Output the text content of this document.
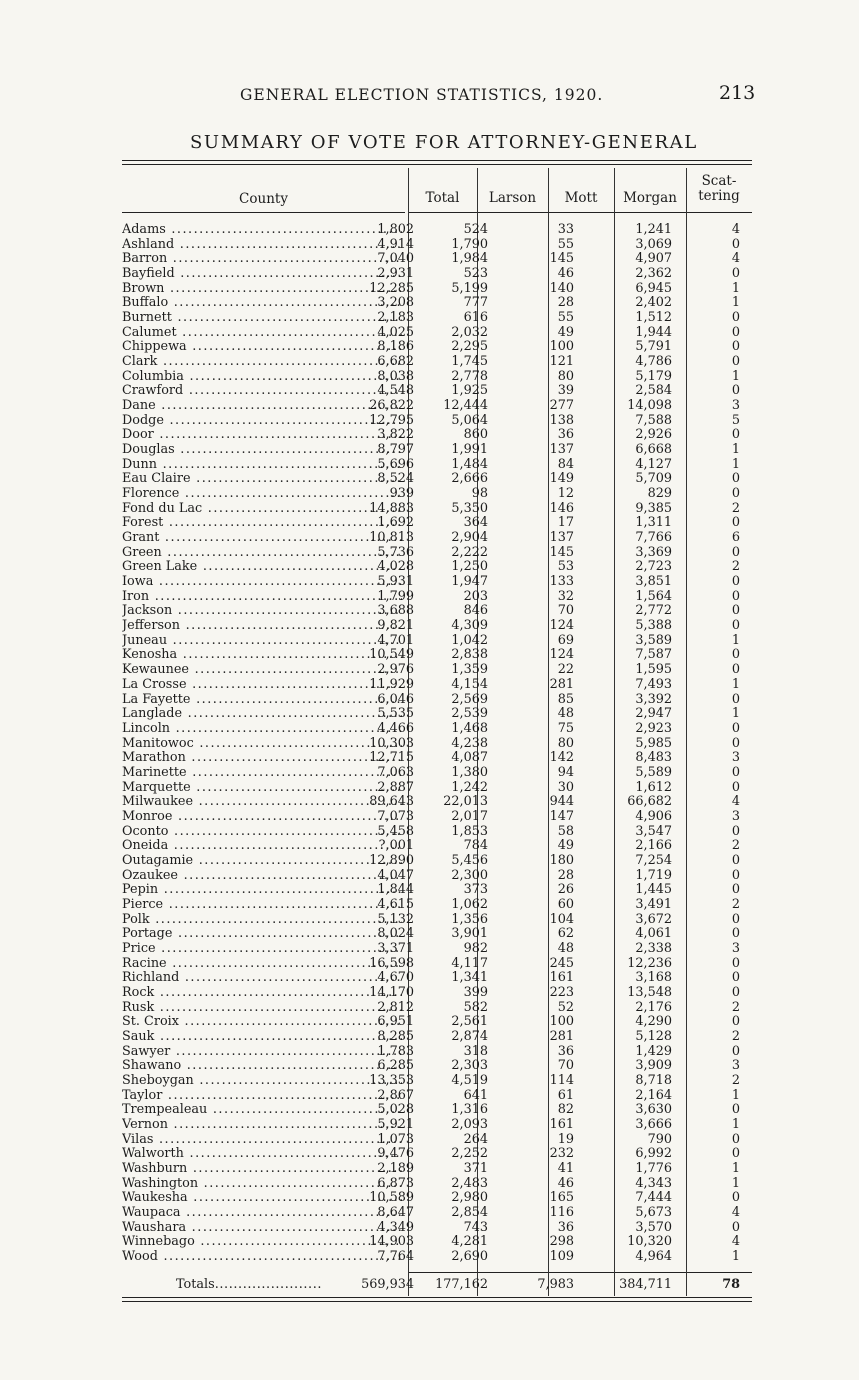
GENERAL ELECTION STATISTICS, 1920.	213
SUMMARY OF VOTE FOR ATTORNEY-GENERAL
County	Total	Larson	Mott	Morgan
Scat-
tering
Adams .....	1,802	524	33	1,241	4
Ashland .....	4,914	1,790	55	3,069	0
Barron .....	7,040	1,984	145	4,907	4
Bayfield .....	2,931	523	46	2,362	0
Brown .....	12,285	5,199	140	6,945	1
Buffalo .....	3,208	777	28	2,402	1
Burnett .....	2,183	616	55	1,512	0
Calumet .....	4,025	2,032	49	1,944	0
Chippewa .....	8,186	2,295	100	5,791	0
Clark .....	6,682	1,745	121	4,786	0
Columbia .....	8,038	2,778	80	5,179	1
Crawford .....	4,548	1,925	39	2,584	0
Dane .....	26,822 12,444	277	14,098	3
Dodge .....	12,795	5,064	138	7,588	5
Door .....	3,822	860	36	2,926	0
Douglas .....	8,797	1,991	137	6,668	1
Dunn .....	5,696	1,484	84	4,127	1
Eau Claire .....	8,524	2,666	149	5,709	0
Florence .....	939	98	12	829	0
Fond du Lac .....	14,883	5,350	146	9,385	2
Forest .....	1,692	364	17	1,311	0
Grant .....	10,813	2,904	137	7,766	6
Green .....	5,736	2,222	145	3,369	0
Green Lake .....	4,028	1,250	53	2,723	2
Iowa .....	5,931	1,947	133	3,851	0
Iron .....	1,799	203	32	1,564	0
Jackson .....	3,688	846	70	2,772	0
Jefferson .....	9,821	4,309	124	5,388	0
Juneau .....	4,701	1,042	69	3,589	1
Kenosha .....	10,549	2,838	124	7,587	0
Kewaunee .....	2,976	1,359	22	1,595	0
La Crosse .....	11,929	4,154	281	7,493	1
La Fayette .....	6,046	2,569	85	3,392	0
Langlade .....	5,535	2,539	48	2,947	1
Lincoln .....	4,466	1,468	75	2,923	0
Manitowoc .....	10,303	4,238	80	5,985	0
Marathon .....	12,715	4,087	142	8,483	3
Marinette .....	7,063	1,380	94	5,589	0
Marquette .....	2,887	1,242	30	1,612	0
Milwaukee .....	89,643 22,013	944	66,682	4
Monroe .....	7,073	2,017	147	4,906	3
Oconto .....	5,458	1,853	58	3,547	0
Oneida .....	?,001	784	49	2,166	2
Outagamie .....	12,890	5,456	180	7,254	0
Ozaukee .....	4,047	2,300	28	1,719	0
Pepin .....	1,844	373	26	1,445	0
Pierce .....	4,615	1,062	60	3,491	2
Polk .....	5,132	1,356	104	3,672	0
Portage .....	8,024	3,901	62	4,061	0
Price .....	3,371	982	48	2,338	3
Racine .....	16,598	4,117	245	12,236	0
Richland .....	4,670	1,341	161	3,168	0
Rock .....	14,170	399	223	13,548	0
Rusk .....	2,812	582	52	2,176	2
St. Croix .....	6,951	2,561	100	4,290	0
Sauk .....	8,285	2,874	281	5,128	2
Sawyer .....	1,783	318	36	1,429	0
Shawano .....	6,285	2,303	70	3,909	3
Sheboygan .....	13,353	4,519	114	8,718	2
Taylor .....	2,867	641	61	2,164	1
Trempealeau .....	5,028	1,316	82	3,630	0
Vernon .....	5,921	2,093	161	3,666	1
Vilas .....	1,073	264	19	790	0
Walworth .....	9,476	2,252	232	6,992	0
Washburn .....	2,189	371	41	1,776	1
Washington .....	6,873	2,483	46	4,343	1
Waukesha .....	10,589	2,980	165	7,444	0
Waupaca .....	8,647	2,854	116	5,673	4
Waushara .....	4,349	743	36	3,570	0
Winnebago .....	14,903	4,281	298	10,320	4
Wood .....	7,764	2,690	109	4,964	1
Totals .....	569,934 177,162	7,983	384,711	78
